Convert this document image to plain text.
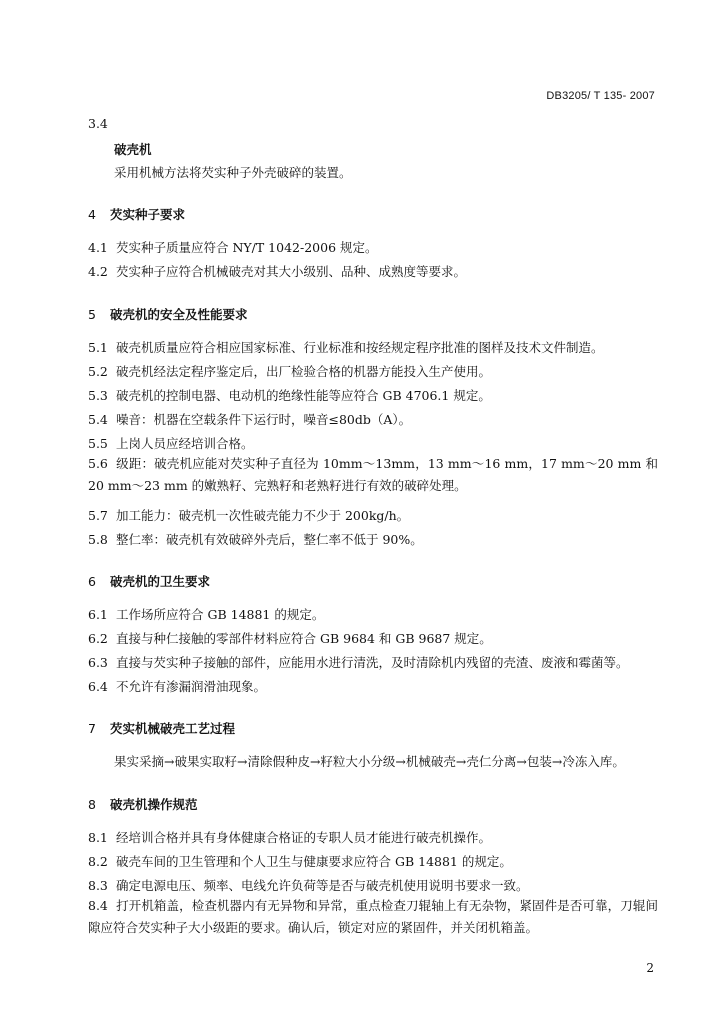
DB3205/ T 135- 2007
3.4
破壳机
采用机械方法将芡实种子外壳破碎的装置。
4 芡实种子要求
4.1 芡实种子质量应符合 NY/T 1042-2006 规定。
4.2 芡实种子应符合机械破壳对其大小级别、品种、成熟度等要求。
5 破壳机的安全及性能要求
5.1 破壳机质量应符合相应国家标准、行业标准和按经规定程序批准的图样及技术文件制造。
5.2 破壳机经法定程序鉴定后，出厂检验合格的机器方能投入生产使用。
5.3 破壳机的控制电器、电动机的绝缘性能等应符合 GB 4706.1 规定。
5.4 噪音：机器在空载条件下运行时，噪音≤80db（A）。
5.5 上岗人员应经培训合格。
5.6 级距：破壳机应能对芡实种子直径为 10mm～13mm，13 mm～16 mm，17 mm～20 mm 和 20 mm～23 mm 的嫩熟籽、完熟籽和老熟籽进行有效的破碎处理。
5.7 加工能力：破壳机一次性破壳能力不少于 200kg/h。
5.8 整仁率：破壳机有效破碎外壳后，整仁率不低于 90%。
6 破壳机的卫生要求
6.1 工作场所应符合 GB 14881 的规定。
6.2 直接与种仁接触的零部件材料应符合 GB 9684 和 GB 9687 规定。
6.3 直接与芡实种子接触的部件，应能用水进行清洗，及时清除机内残留的壳渣、废液和霉菌等。
6.4 不允许有渗漏润滑油现象。
7 芡实机械破壳工艺过程
果实采摘→破果实取籽→清除假种皮→籽粒大小分级→机械破壳→壳仁分离→包装→冷冻入库。
8 破壳机操作规范
8.1 经培训合格并具有身体健康合格证的专职人员才能进行破壳机操作。
8.2 破壳车间的卫生管理和个人卫生与健康要求应符合 GB 14881 的规定。
8.3 确定电源电压、频率、电线允许负荷等是否与破壳机使用说明书要求一致。
8.4 打开机箱盖，检查机器内有无异物和异常，重点检查刀辊轴上有无杂物，紧固件是否可靠，刀辊间隙应符合芡实种子大小级距的要求。确认后，锁定对应的紧固件，并关闭机箱盖。
2
